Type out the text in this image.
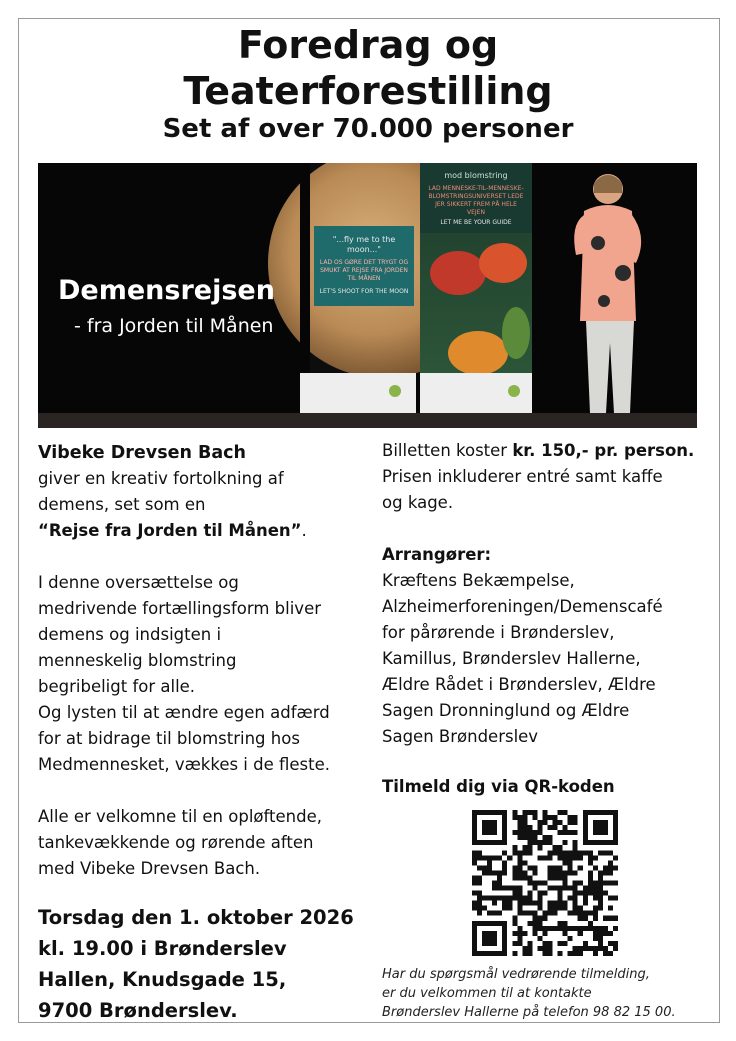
Foredrag og
Teaterforestilling
Set af over 70.000 personer
Demensrejsen
- fra Jorden til Månen
"...fly me to the moon..."
LAD OS GØRE DET TRYGT OG SMUKT AT REJSE FRA JORDEN TIL MÅNEN
LET'S SHOOT FOR THE MOON
mod blomstring
LAD MENNESKE-TIL-MENNESKE-BLOMSTRINGSUNIVERSET LEDE JER SIKKERT FREM PÅ HELE VEJEN
LET ME BE YOUR GUIDE

Vibeke Drevsen Bach

giver en kreativ fortolkning af

demens, set som en

“Rejse fra Jorden til Månen”.

I denne oversættelse og

medrivende fortællingsform bliver

demens og indsigten i

menneskelig blomstring

begribeligt for alle.

Og lysten til at ændre egen adfærd

for at bidrage til blomstring hos

Medmennesket, vækkes i de fleste.

Alle er velkomne til en opløftende,

tankevækkende og rørende aften

med Vibeke Drevsen Bach.

Torsdag den 1. oktober 2026

kl. 19.00 i Brønderslev

Hallen, Knudsgade 15,

9700 Brønderslev.

Billetten koster kr. 150,- pr. person.

Prisen inkluderer entré samt kaffe

og kage.

Arrangører:

Kræftens Bekæmpelse,

Alzheimerforeningen/Demenscafé

for pårørende i Brønderslev,

Kamillus, Brønderslev Hallerne,

Ældre Rådet i Brønderslev, Ældre

Sagen Dronninglund og Ældre

Sagen Brønderslev

Tilmeld dig via QR-koden

Har du spørgsmål vedrørende tilmelding,
er du velkommen til at kontakte
Brønderslev Hallerne på telefon 98 82 15 00.
